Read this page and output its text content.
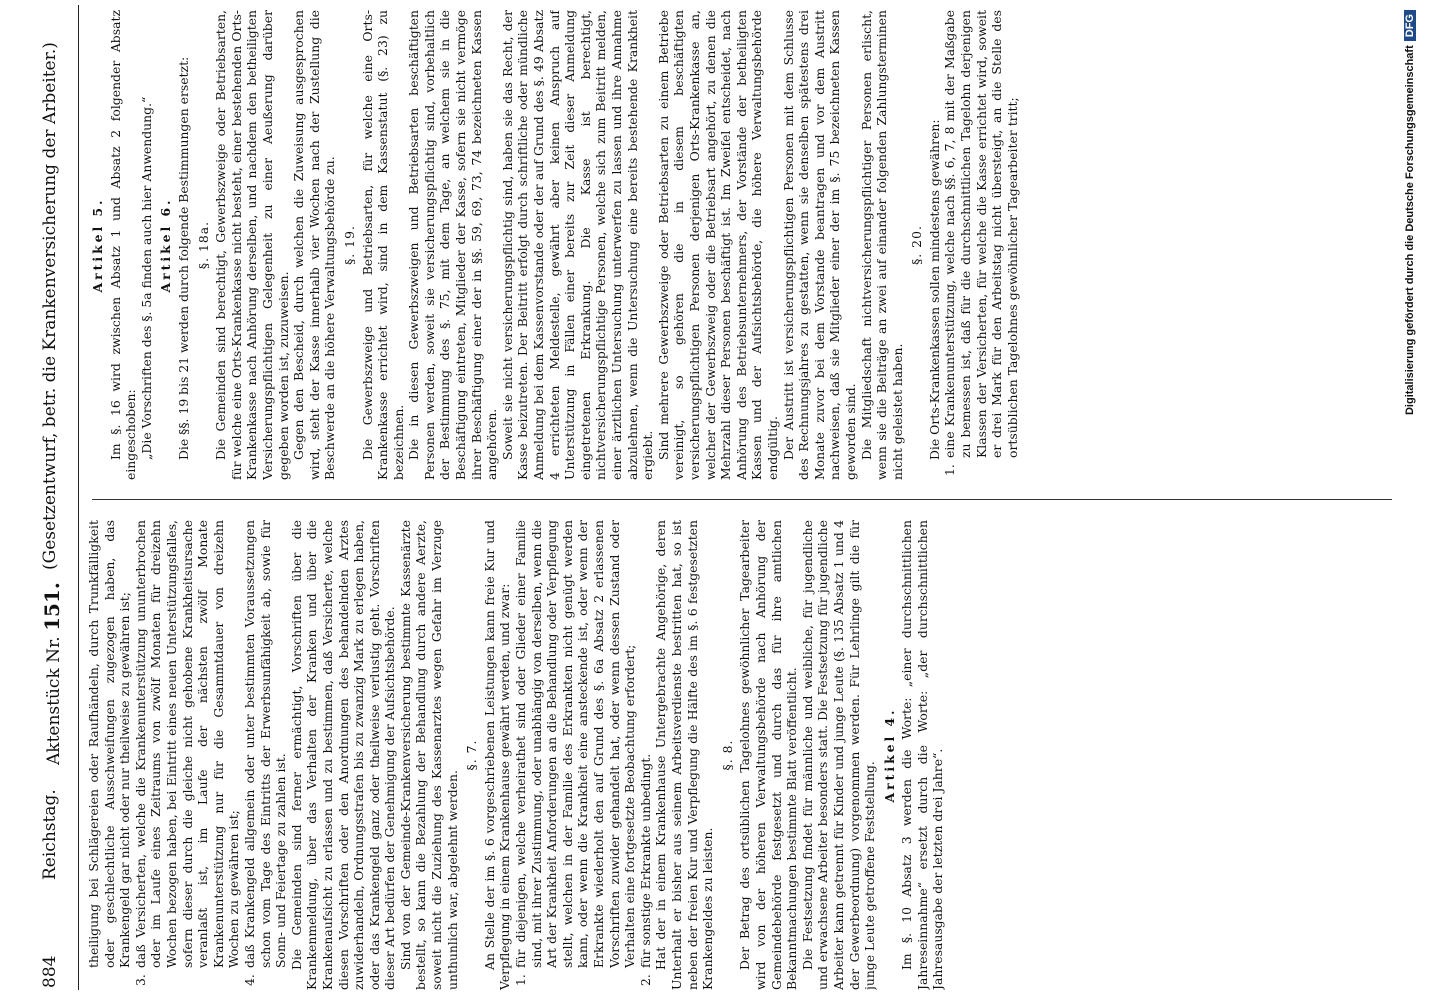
884
Reichstag.
Aktenstück Nr. 151.
(Gesetzentwurf, betr. die Krankenversicherung der Arbeiter.)

theiligung bei Schlägereien oder Raufhändeln, durch Trunkfälligkeit oder geschlechtliche Ausschweifungen zugezogen haben, das Krankengeld gar nicht oder nur theilweise zu gewähren ist;

3.
daß Versicherten, welche die Krankenunterstützung ununterbrochen oder im Laufe eines Zeitraums von zwölf Monaten für dreizehn Wochen bezogen haben, bei Eintritt eines neuen Unterstützungsfalles, sofern dieser durch die gleiche nicht gehobene Krankheitsursache veranlaßt ist, im Laufe der nächsten zwölf Monate Krankenunterstützung nur für die Gesammtdauer von dreizehn Wochen zu gewähren ist;

4.
daß Krankengeld allgemein oder unter bestimmten Voraussetzungen schon vom Tage des Eintritts der Erwerbsunfähigkeit ab, sowie für Sonn- und Feiertage zu zahlen ist. Die Gemeinden sind ferner ermächtigt, Vorschriften über die Krankenmeldung, über das Verhalten der Kranken und über die Krankenaufsicht zu erlassen und zu bestimmen, daß Versicherte, welche diesen Vorschriften oder den Anordnungen des behandelnden Arztes zuwiderhandeln, Ordnungsstrafen bis zu zwanzig Mark zu erlegen haben, oder das Krankengeld ganz oder theilweise verlustig geht. Vorschriften dieser Art bedürfen der Genehmigung der Aufsichtsbehörde. Sind von der Gemeinde-Krankenversicherung bestimmte Kassenärzte bestellt, so kann die Bezahlung der Behandlung durch andere Aerzte, soweit nicht die Zuziehung des Kassenarztes wegen Gefahr im Verzuge unthunlich war, abgelehnt werden.

§. 7. An Stelle der im §. 6 vorgeschriebenen Leistungen kann freie Kur und Verpflegung in einem Krankenhause gewährt werden, und zwar: 1.
für diejenigen, welche verheirathet sind oder Glieder einer Familie sind, mit ihrer Zustimmung, oder unabhängig von derselben, wenn die Art der Krankheit Anforderungen an die Behandlung oder Verpflegung stellt, welchen in der Familie des Erkrankten nicht genügt werden kann, oder wenn die Krankheit eine ansteckende ist, oder wenn der Erkrankte wiederholt den auf Grund des §. 6a Absatz 2 erlassenen Vorschriften zuwider gehandelt hat, oder wenn dessen Zustand oder Verhalten eine fortgesetzte Beobachtung erfordert;

2.
für sonstige Erkrankte unbedingt. Hat der in einem Krankenhause Untergebrachte Angehörige, deren Unterhalt er bisher aus seinem Arbeitsverdienste bestritten hat, so ist neben der freien Kur und Verpflegung die Hälfte des im §. 6 festgesetzten Krankengeldes zu leisten.

§. 8. Der Betrag des ortsüblichen Tagelohnes gewöhnlicher Tagearbeiter wird von der höheren Verwaltungsbehörde nach Anhörung der Gemeindebehörde festgesetzt und durch das für ihre amtlichen Bekanntmachungen bestimmte Blatt veröffentlicht. Die Festsetzung findet für männliche und weibliche, für jugendliche und erwachsene Arbeiter besonders statt. Die Festsetzung für jugendliche Arbeiter kann getrennt für Kinder und junge Leute (§. 135 Absatz 1 und 4 der Gewerbeordnung) vorgenommen werden. Für Lehrlinge gilt die für junge Leute getroffene Feststellung.

Artikel 4. Im §. 10 Absatz 3 werden die Worte: „einer durchschnittlichen Jahreseinnahme“ ersetzt durch die Worte: „der durchschnittlichen Jahresausgabe der letzten drei Jahre“.

Artikel 5. Im §. 16 wird zwischen Absatz 1 und Absatz 2 folgender Absatz eingeschoben: „Die Vorschriften des §. 5a finden auch hier Anwendung.“ Artikel 6. Die §§. 19 bis 21 werden durch folgende Bestimmungen ersetzt: §. 18a. Die Gemeinden sind berechtigt, Gewerbszweige oder Betriebsarten, für welche eine Orts-Krankenkasse nicht besteht, einer bestehenden Orts-Krankenkasse nach Anhörung derselben, und nachdem den betheiligten Versicherungspflichtigen Gelegenheit zu einer Aeußerung darüber gegeben worden ist, zuzuweisen. Gegen den Bescheid, durch welchen die Zuweisung ausgesprochen wird, steht der Kasse innerhalb vier Wochen nach der Zustellung die Beschwerde an die höhere Verwaltungsbehörde zu. §. 19. Die Gewerbszweige und Betriebsarten, für welche eine Orts-Krankenkasse errichtet wird, sind in dem Kassenstatut (§. 23) zu bezeichnen. Die in diesen Gewerbszweigen und Betriebsarten beschäftigten Personen werden, soweit sie versicherungspflichtig sind, vorbehaltlich der Bestimmung des §. 75, mit dem Tage, an welchem sie in die Beschäftigung eintreten, Mitglieder der Kasse, sofern sie nicht vermöge ihrer Beschäftigung einer der in §§. 59, 69, 73, 74 bezeichneten Kassen angehören. Soweit sie nicht versicherungspflichtig sind, haben sie das Recht, der Kasse beizutreten. Der Beitritt erfolgt durch schriftliche oder mündliche Anmeldung bei dem Kassenvorstande oder der auf Grund des §. 49 Absatz 4 errichteten Meldestelle, gewährt aber keinen Anspruch auf Unterstützung in Fällen einer bereits zur Zeit dieser Anmeldung eingetretenen Erkrankung. Die Kasse ist berechtigt, nichtversicherungspflichtige Personen, welche sich zum Beitritt melden, einer ärztlichen Untersuchung unterwerfen zu lassen und ihre Annahme abzulehnen, wenn die Untersuchung eine bereits bestehende Krankheit ergiebt. Sind mehrere Gewerbszweige oder Betriebsarten zu einem Betriebe vereinigt, so gehören die in diesem beschäftigten versicherungspflichtigen Personen derjenigen Orts-Krankenkasse an, welcher der Gewerbszweig oder die Betriebsart angehört, zu denen die Mehrzahl dieser Personen beschäftigt ist. Im Zweifel entscheidet, nach Anhörung des Betriebsunternehmers, der Vorstände der betheiligten Kassen und der Aufsichtsbehörde, die höhere Verwaltungsbehörde endgültig. Der Austritt ist versicherungspflichtigen Personen mit dem Schlusse des Rechnungsjahres zu gestatten, wenn sie denselben spätestens drei Monate zuvor bei dem Vorstande beantragen und vor dem Austritt nachweisen, daß sie Mitglieder einer der im §. 75 bezeichneten Kassen geworden sind. Die Mitgliedschaft nichtversicherungspflichtiger Personen erlischt, wenn sie die Beiträge an zwei auf einander folgenden Zahlungsterminen nicht geleistet haben.

§. 20. Die Orts-Krankenkassen sollen mindestens gewähren:

1.
eine Krankenunterstützung, welche nach §§. 6, 7, 8 mit der Maßgabe zu bemessen ist, daß für die durchschnittlichen Tagelohn derjenigen Klassen der Versicherten, für welche die Kasse errichtet wird, soweit er drei Mark für den Arbeitstag nicht übersteigt, an die Stelle des ortsüblichen Tagelohnes gewöhnlicher Tagearbeiter tritt;	Digitalisierung gefördert durch die Deutsche ForschungsgemeinschaftDFG
